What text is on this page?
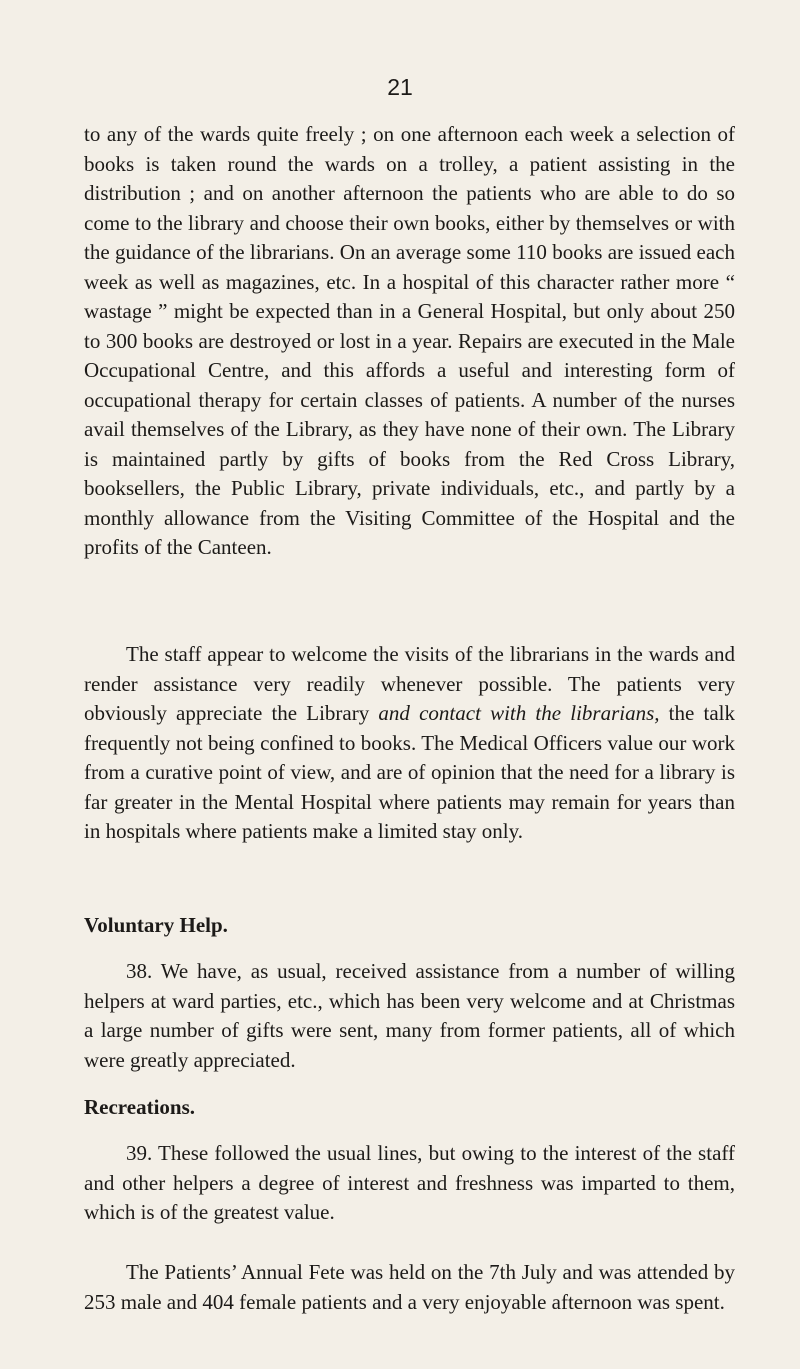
21

to any of the wards quite freely ; on one afternoon each week a selection of books is taken round the wards on a trolley, a patient assisting in the distribution ; and on another afternoon the patients who are able to do so come to the library and choose their own books, either by themselves or with the guidance of the librarians. On an average some 110 books are issued each week as well as magazines, etc. In a hospital of this character rather more “ wastage ” might be expected than in a General Hospital, but only about 250 to 300 books are destroyed or lost in a year. Repairs are executed in the Male Occupational Centre, and this affords a useful and interesting form of occupational therapy for certain classes of patients. A number of the nurses avail themselves of the Library, as they have none of their own. The Library is maintained partly by gifts of books from the Red Cross Library, booksellers, the Public Library, private individuals, etc., and partly by a monthly allowance from the Visiting Committee of the Hospital and the profits of the Canteen.

The staff appear to welcome the visits of the librarians in the wards and render assistance very readily whenever possible. The patients very obviously appreciate the Library and contact with the librarians, the talk frequently not being confined to books. The Medical Officers value our work from a curative point of view, and are of opinion that the need for a library is far greater in the Mental Hospital where patients may remain for years than in hospitals where patients make a limited stay only.

Voluntary Help.

38. We have, as usual, received assistance from a number of willing helpers at ward parties, etc., which has been very welcome and at Christmas a large number of gifts were sent, many from former patients, all of which were greatly appreciated.

Recreations.

39. These followed the usual lines, but owing to the interest of the staff and other helpers a degree of interest and freshness was imparted to them, which is of the greatest value.

The Patients’ Annual Fete was held on the 7th July and was attended by 253 male and 404 female patients and a very enjoyable afternoon was spent.
